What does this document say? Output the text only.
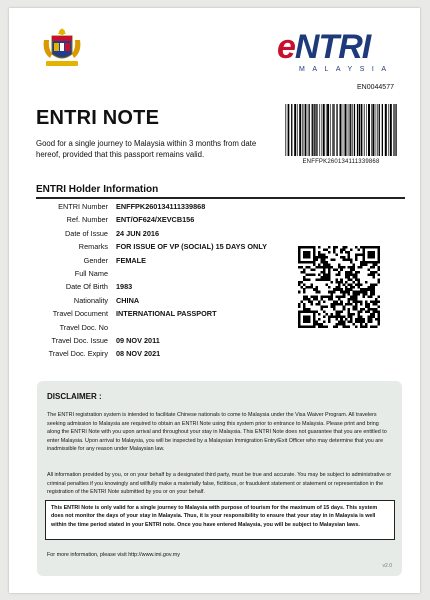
eNTRI
MALAYSIA
EN0044577
ENTRI NOTE
Good for a single journey to Malaysia within 3 months from date hereof, provided that this passport remains valid.
ENFFPK260134111339868
ENTRI Holder Information
ENTRI Number	ENFFPK260134111339868
Ref. Number	ENT/OF624/XEVCB156
Date of Issue	24 JUN 2016
Remarks	FOR ISSUE OF VP (SOCIAL) 15 DAYS ONLY
Gender	FEMALE
Full Name
Date Of Birth	1983
Nationality	CHINA
Travel Document	INTERNATIONAL PASSPORT
Travel Doc. No
Travel Doc. Issue	09 NOV 2011
Travel Doc. Expiry	08 NOV 2021
DISCLAIMER :
The ENTRI registration system is intended to facilitate Chinese nationals to come to Malaysia under the Visa Waiver Program. All travelers seeking admission to Malaysia are required to obtain an ENTRI Note using this system prior to entrance to Malaysia. Please print and bring along the ENTRI Note with you upon arrival and throughout your stay in Malaysia. This ENTRI Note does not guarantee that you are entitled to enter Malaysia. Upon arrival to Malaysia, you will be inspected by a Malaysian Immigration Entry/Exit Officer who may determine that you are inadmissible for any reason under Malaysian law.
All information provided by you, or on your behalf by a designated third party, must be true and accurate. You may be subject to administrative or criminal penalties if you knowingly and willfully make a materially false, fictitious, or fraudulent statement or statement or representation in the registration of the ENTRI Note submitted by you or on your behalf.
This ENTRI Note is only valid for a single journey to Malaysia with purpose of tourism for the maximum of 15 days. This system does not monitor the days of your stay in Malaysia. Thus, it is your responsibility to ensure that your stay in in Malaysia is well within the time period stated in your ENTRI note. Once you have entered Malaysia, you will be subject to Malaysian laws.
For more information, please visit http://www.imi.gov.my
v2.0
